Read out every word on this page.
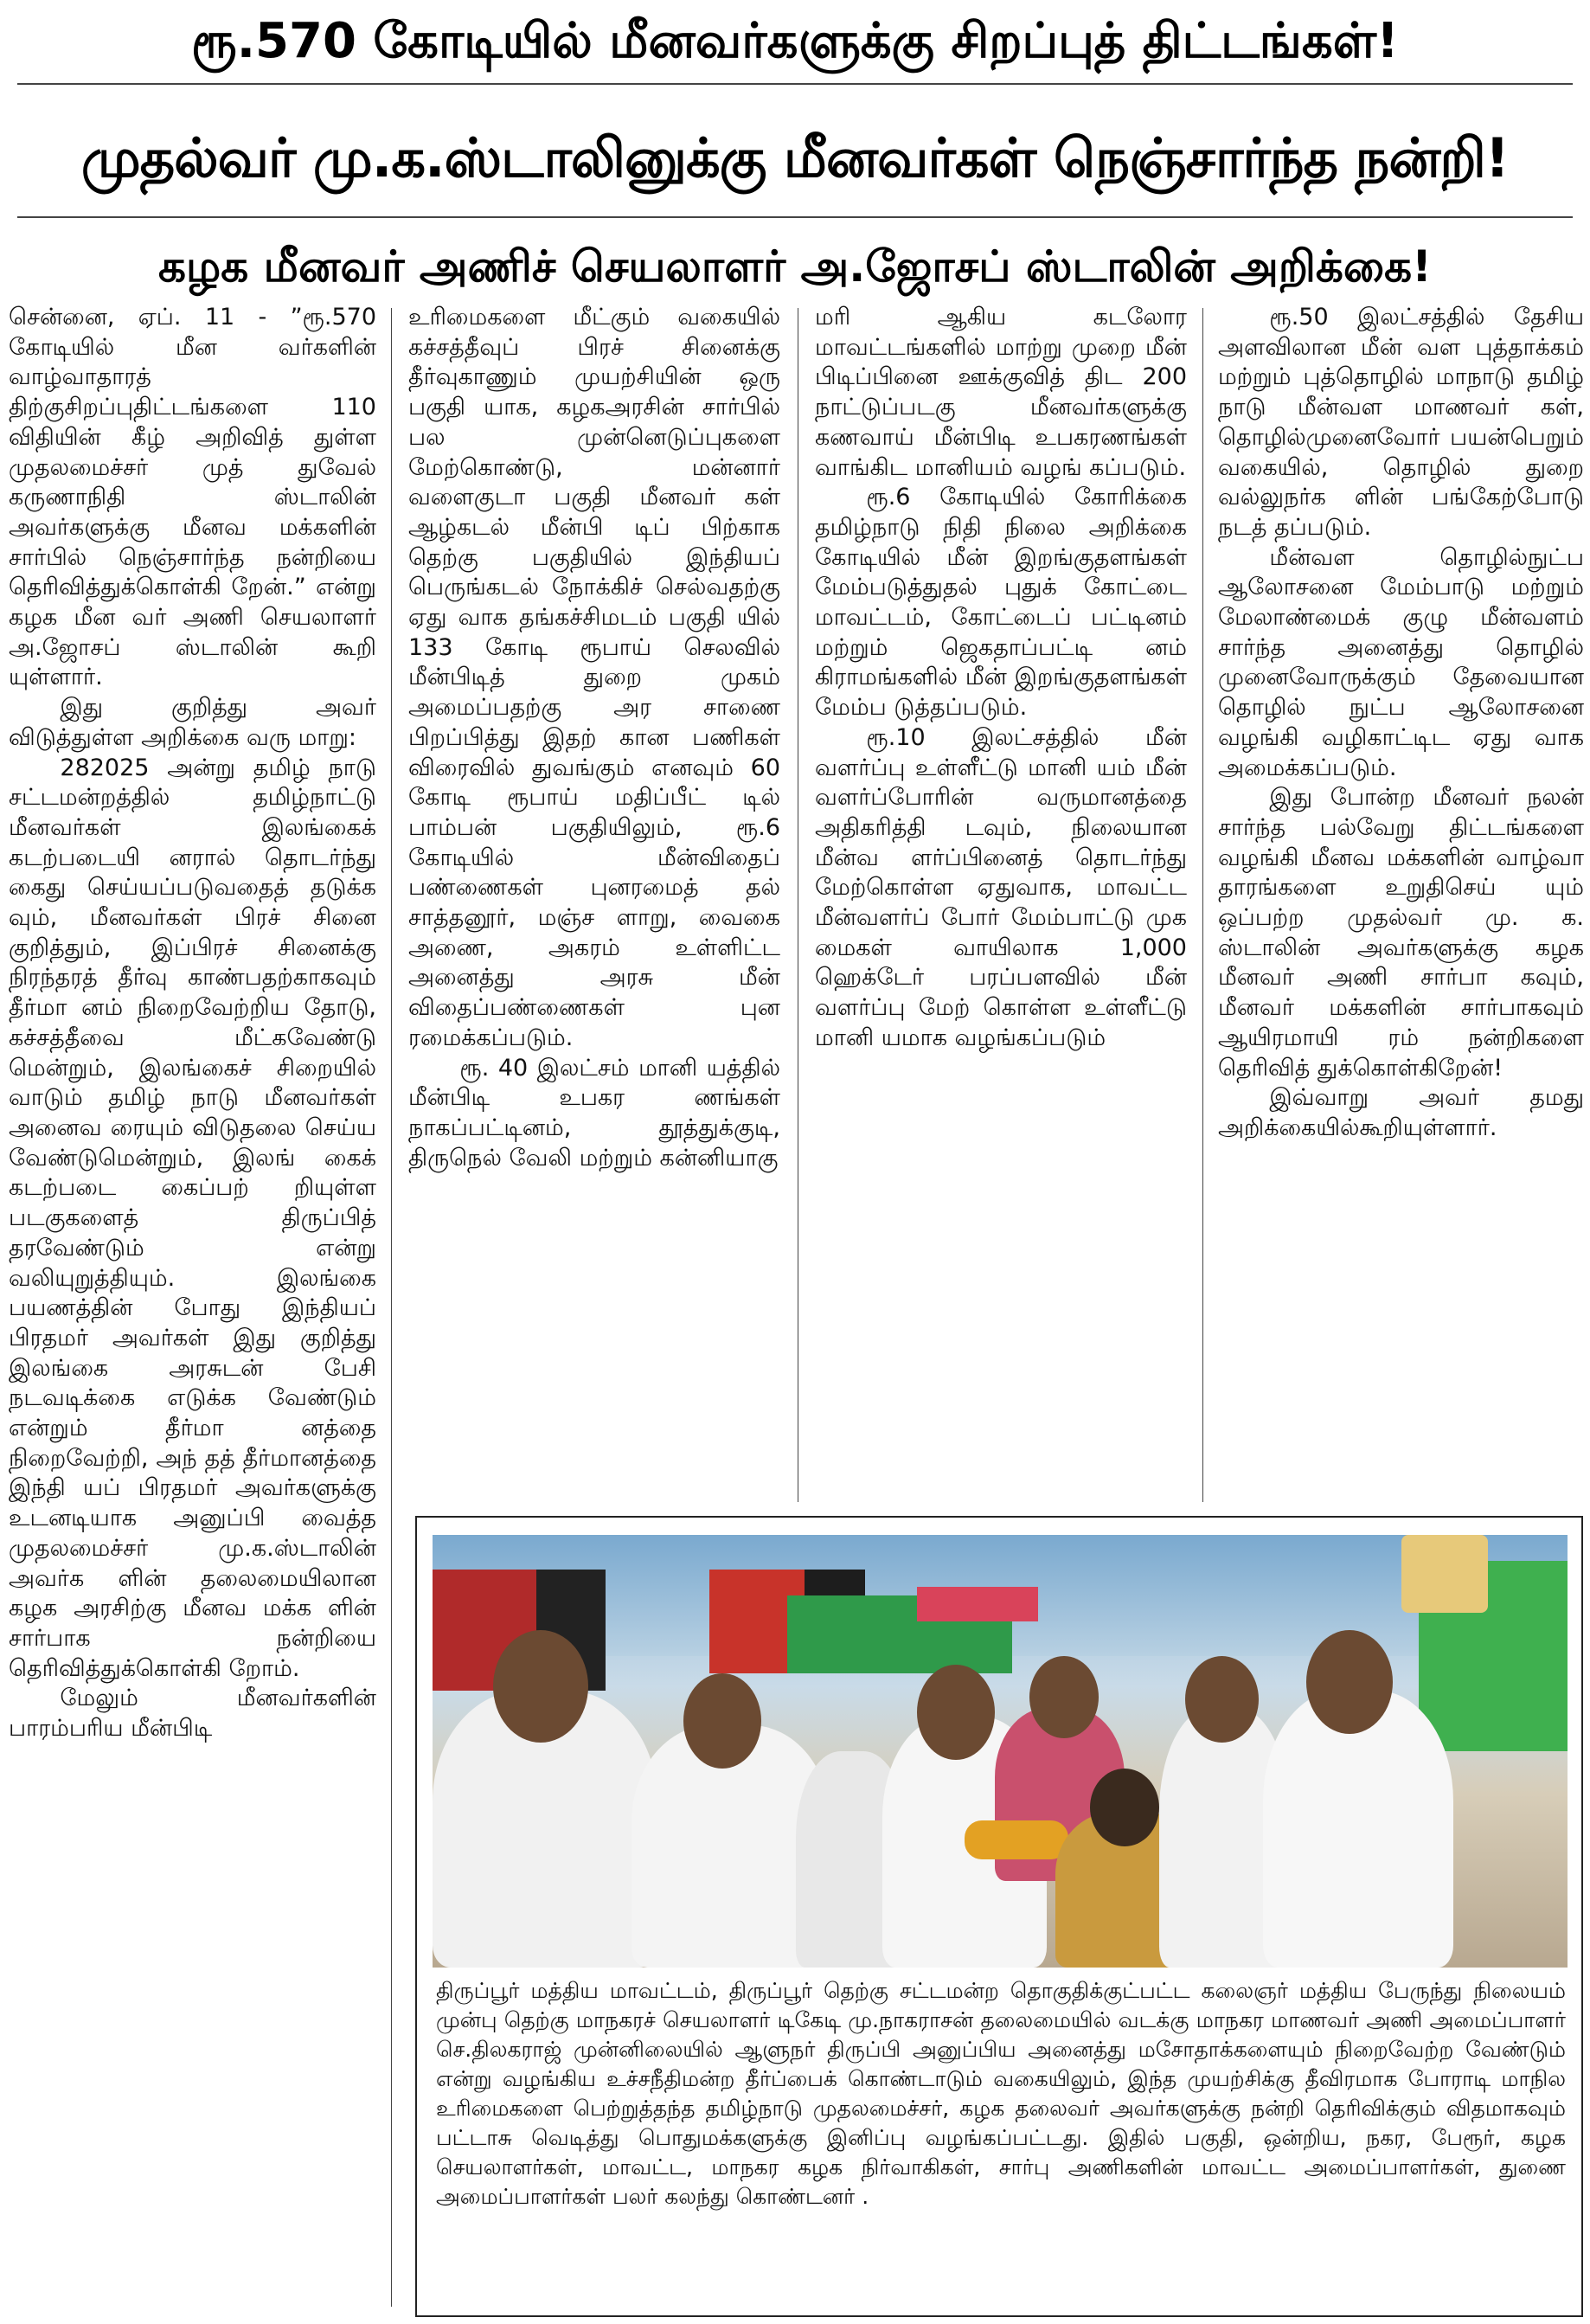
ரூ.570 கோடியில் மீனவர்களுக்கு சிறப்புத் திட்டங்கள்!
முதல்வர் மு.க.ஸ்டாலினுக்கு மீனவர்கள் நெஞ்சார்ந்த நன்றி!
கழக மீனவர் அணிச் செயலாளர் அ.ஜோசப் ஸ்டாலின் அறிக்கை!

சென்னை, ஏப். 11 - ”ரூ.570 கோடியில் மீன வர்களின் வாழ்வாதாரத் திற்குசிறப்புதிட்டங்களை 110 விதியின் கீழ் அறிவித் துள்ள முதலமைச்சர் முத் துவேல் கருணாநிதி ஸ்டாலின் அவர்களுக்கு மீனவ மக்களின் சார்பில் நெஞ்சார்ந்த நன்றியை தெரிவித்துக்கொள்கி றேன்.” என்று கழக மீன வர் அணி செயலாளர் அ.ஜோசப் ஸ்டாலின் கூறி யுள்ளார்.

இது குறித்து அவர் விடுத்துள்ள அறிக்கை வரு மாறு:

282025 அன்று தமிழ் நாடு சட்டமன்றத்தில் தமிழ்நாட்டு மீனவர்கள் இலங்கைக் கடற்படையி னரால் தொடர்ந்து கைது செய்யப்படுவதைத் தடுக்க வும், மீனவர்கள் பிரச் சினை குறித்தும், இப்பிரச் சினைக்கு நிரந்தரத் தீர்வு காண்பதற்காகவும் தீர்மா னம் நிறைவேற்றிய தோடு, கச்சத்தீவை மீட்கவேண்டு மென்றும், இலங்கைச் சிறையில் வாடும் தமிழ் நாடு மீனவர்கள் அனைவ ரையும் விடுதலை செய்ய வேண்டுமென்றும், இலங் கைக் கடற்படை கைப்பற் றியுள்ள படகுகளைத் திருப்பித் தரவேண்டும் என்று வலியுறுத்தியும். இலங்கை பயணத்தின் போது இந்தியப் பிரதமர் அவர்கள் இது குறித்து இலங்கை அரசுடன் பேசி நடவடிக்கை எடுக்க வேண்டும் என்றும் தீர்மா னத்தை நிறைவேற்றி, அந் தத் தீர்மானத்தை இந்தி யப் பிரதமர் அவர்களுக்கு உடனடியாக அனுப்பி வைத்த முதலமைச்சர் மு.க.ஸ்டாலின் அவர்க ளின் தலைமையிலான கழக அரசிற்கு மீனவ மக்க ளின் சார்பாக நன்றியை தெரிவித்துக்கொள்கி றோம்.

மேலும் மீனவர்களின் பாரம்பரிய மீன்பிடி

உரிமைகளை மீட்கும் வகையில் கச்சத்தீவுப் பிரச் சினைக்கு தீர்வுகாணும் முயற்சியின் ஒரு பகுதி யாக, கழகஅரசின் சார்பில் பல முன்னெடுப்புகளை மேற்கொண்டு, மன்னார் வளைகுடா பகுதி மீனவர் கள் ஆழ்கடல் மீன்பி டிப் பிற்காக தெற்கு பகுதியில் இந்தியப் பெருங்கடல் நோக்கிச் செல்வதற்கு ஏது வாக தங்கச்சிமடம் பகுதி யில் 133 கோடி ரூபாய் செலவில் மீன்பிடித் துறை முகம் அமைப்பதற்கு அர சாணை பிறப்பித்து இதற் கான பணிகள் விரைவில் துவங்கும் எனவும் 60 கோடி ரூபாய் மதிப்பீட் டில் பாம்பன் பகுதியிலும், ரூ.6 கோடியில் மீன்விதைப் பண்ணைகள் புனரமைத் தல் சாத்தனூர், மஞ்ச ளாறு, வைகை அணை, அகரம் உள்ளிட்ட அனைத்து அரசு மீன் விதைப்பண்ணைகள் புன ரமைக்கப்படும்.

ரூ. 40 இலட்சம் மானி யத்தில் மீன்பிடி உபகர ணங்கள் நாகப்பட்டினம், தூத்துக்குடி, திருநெல் வேலி மற்றும் கன்னியாகு

மரி ஆகிய கடலோர மாவட்டங்களில் மாற்று முறை மீன் பிடிப்பினை ஊக்குவித் திட 200 நாட்டுப்படகு மீனவர்களுக்கு கணவாய் மீன்பிடி உபகரணங்கள் வாங்கிட மானியம் வழங் கப்படும்.

ரூ.6 கோடியில் கோரிக்கை தமிழ்நாடு நிதி நிலை அறிக்கை கோடியில் மீன் இறங்குதளங்கள் மேம்படுத்துதல் புதுக் கோட்டை மாவட்டம், கோட்டைப் பட்டினம் மற்றும் ஜெகதாப்பட்டி னம் கிராமங்களில் மீன் இறங்குதளங்கள் மேம்ப டுத்தப்படும்.

ரூ.10 இலட்சத்தில் மீன் வளர்ப்பு உள்ளீட்டு மானி யம் மீன் வளர்ப்போரின் வருமானத்தை அதிகரித்தி டவும், நிலையான மீன்வ ளர்ப்பினைத் தொடர்ந்து மேற்கொள்ள ஏதுவாக, மாவட்ட மீன்வளர்ப் போர் மேம்பாட்டு முக மைகள் வாயிலாக 1,000 ஹெக்டேர் பரப்பளவில் மீன் வளர்ப்பு மேற் கொள்ள உள்ளீட்டு மானி யமாக வழங்கப்படும்

ரூ.50 இலட்சத்தில் தேசிய அளவிலான மீன் வள புத்தாக்கம் மற்றும் புத்தொழில் மாநாடு தமிழ் நாடு மீன்வள மாணவர் கள், தொழில்முனைவோர் பயன்பெறும் வகையில், தொழில் துறை வல்லுநர்க ளின் பங்கேற்போடு நடத் தப்படும்.

மீன்வள தொழில்நுட்ப ஆலோசனை மேம்பாடு மற்றும் மேலாண்மைக் குழு மீன்வளம் சார்ந்த அனைத்து தொழில் முனைவோருக்கும் தேவையான தொழில் நுட்ப ஆலோசனை வழங்கி வழிகாட்டிட ஏது வாக அமைக்கப்படும்.

இது போன்ற மீனவர் நலன் சார்ந்த பல்வேறு திட்டங்களை வழங்கி மீனவ மக்களின் வாழ்வா தாரங்களை உறுதிசெய் யும் ஒப்பற்ற முதல்வர் மு. க. ஸ்டாலின் அவர்களுக்கு கழக மீனவர் அணி சார்பா கவும், மீனவர் மக்களின் சார்பாகவும் ஆயிரமாயி ரம் நன்றிகளை தெரிவித் துக்கொள்கிறேன்!

இவ்வாறு அவர் தமது அறிக்கையில்கூறியுள்ளார்.

திருப்பூர் மத்திய மாவட்டம், திருப்பூர் தெற்கு சட்டமன்ற தொகுதிக்குட்பட்ட கலைஞர் மத்திய பேருந்து நிலையம் முன்பு தெற்கு மாநகரச் செயலாளர் டிகேடி மு.நாகராசன் தலைமையில் வடக்கு மாநகர மாணவர் அணி அமைப்பாளர் செ.திலகராஜ் முன்னிலையில் ஆளுநர் திருப்பி அனுப்பிய அனைத்து மசோதாக்களையும் நிறைவேற்ற வேண்டும் என்று வழங்கிய உச்சநீதிமன்ற தீர்ப்பைக் கொண்டாடும் வகையிலும், இந்த முயற்சிக்கு தீவிரமாக போராடி மாநில உரிமைகளை பெற்றுத்தந்த தமிழ்நாடு முதலமைச்சர், கழக தலைவர் அவர்களுக்கு நன்றி தெரிவிக்கும் விதமாகவும் பட்டாசு வெடித்து பொதுமக்களுக்கு இனிப்பு வழங்கப்பட்டது. இதில் பகுதி, ஒன்றிய, நகர, பேரூர், கழக செயலாளர்கள், மாவட்ட, மாநகர கழக நிர்வாகிகள், சார்பு அணிகளின் மாவட்ட அமைப்பாளர்கள், துணை அமைப்பாளர்கள் பலர் கலந்து கொண்டனர் .
